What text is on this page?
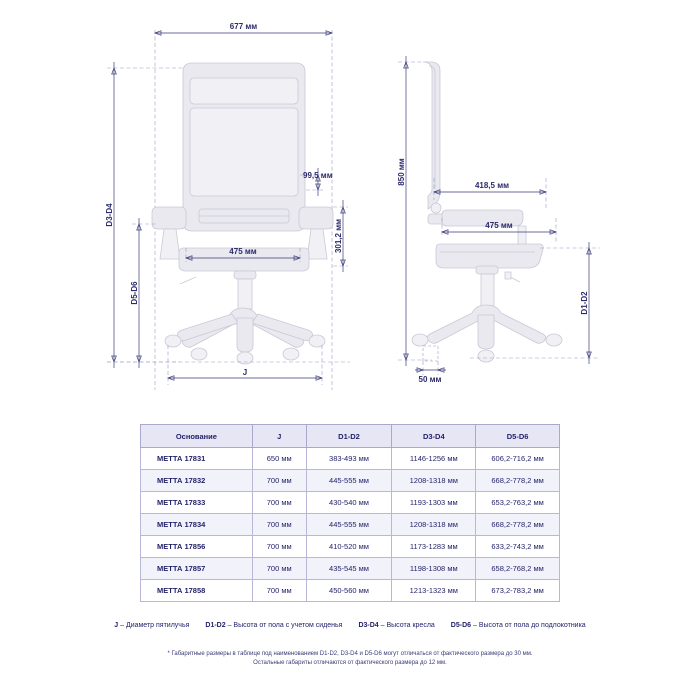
677 мм
99,5 мм
301,2 мм
475 мм
D3-D4
D5-D6
J
850 мм	418,5 мм
475 мм
D1-D2
50 мм
Основание	J	D1-D2	D3-D4	D5-D6
МЕТТА 17831	650 мм	383-493 мм	1146-1256 мм	606,2-716,2 мм
МЕТТА 17832	700 мм	445-555 мм	1208-1318 мм	668,2-778,2 мм
МЕТТА 17833	700 мм	430-540 мм	1193-1303 мм	653,2-763,2 мм
МЕТТА 17834	700 мм	445-555 мм	1208-1318 мм	668,2-778,2 мм
МЕТТА 17856	700 мм	410-520 мм	1173-1283 мм	633,2-743,2 мм
МЕТТА 17857	700 мм	435-545 мм	1198-1308 мм	658,2-768,2 мм
МЕТТА 17858	700 мм	450-560 мм	1213-1323 мм	673,2-783,2 мм
J – Диаметр пятилучья D1-D2 – Высота от пола с учетом сиденья D3-D4 – Высота кресла D5-D6 – Высота от пола до подлокотника
* Габаритные размеры в таблице под наименованием D1-D2, D3-D4 и D5-D6 могут отличаться от фактического размера до 30 мм.
Остальные габариты отличаются от фактического размера до 12 мм.
